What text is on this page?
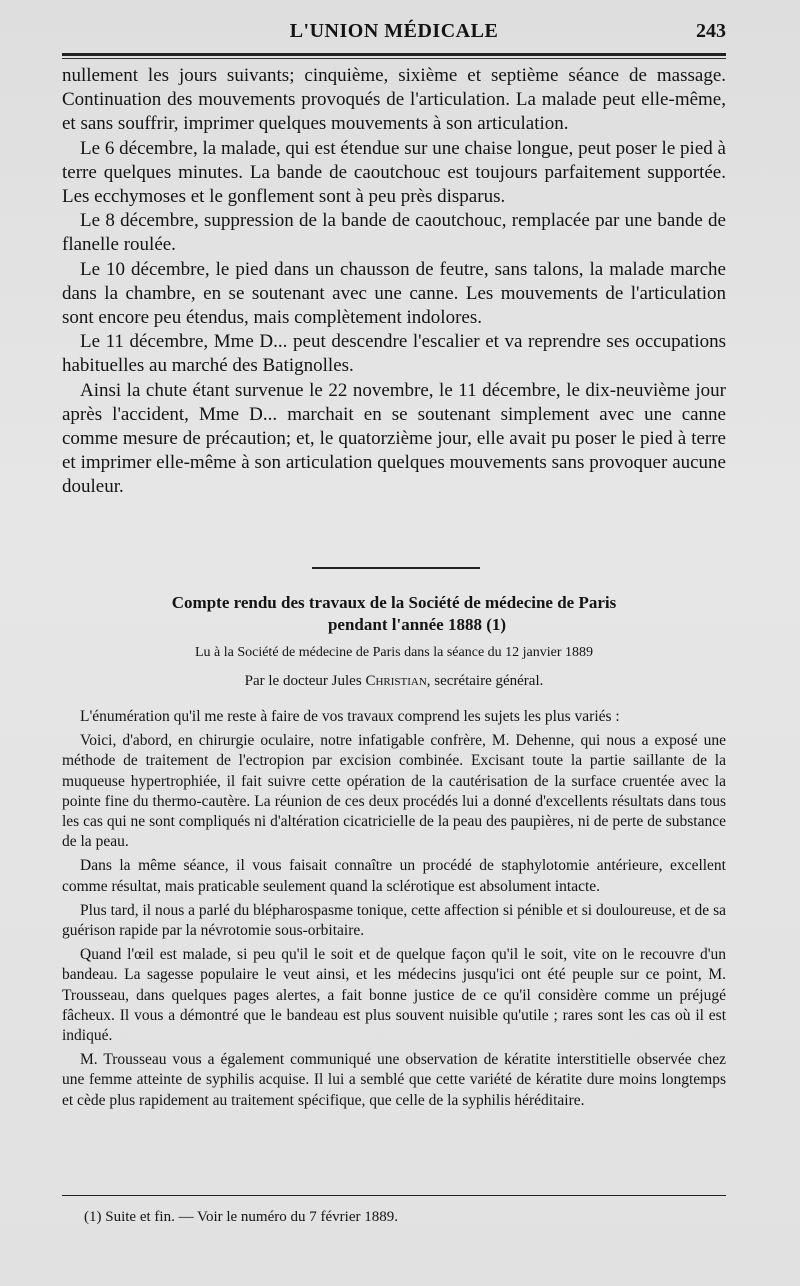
L'UNION MÉDICALE	243

nullement les jours suivants; cinquième, sixième et septième séance de massage. Continuation des mouvements provoqués de l'articulation. La malade peut elle-même, et sans souffrir, imprimer quelques mouvements à son articulation.

Le 6 décembre, la malade, qui est étendue sur une chaise longue, peut poser le pied à terre quelques minutes. La bande de caoutchouc est toujours parfaitement supportée. Les ecchymoses et le gonflement sont à peu près disparus.

Le 8 décembre, suppression de la bande de caoutchouc, remplacée par une bande de flanelle roulée.

Le 10 décembre, le pied dans un chausson de feutre, sans talons, la malade marche dans la chambre, en se soutenant avec une canne. Les mouvements de l'articulation sont encore peu étendus, mais complètement indolores.

Le 11 décembre, Mme D... peut descendre l'escalier et va reprendre ses occupations habituelles au marché des Batignolles.

Ainsi la chute étant survenue le 22 novembre, le 11 décembre, le dix-neuvième jour après l'accident, Mme D... marchait en se soutenant simplement avec une canne comme mesure de précaution; et, le quatorzième jour, elle avait pu poser le pied à terre et imprimer elle-même à son articulation quelques mouvements sans provoquer aucune douleur.

Compte rendu des travaux de la Société de médecine de Paris
pendant l'année 1888 (1)
Lu à la Société de médecine de Paris dans la séance du 12 janvier 1889
Par le docteur Jules Christian, secrétaire général.

L'énumération qu'il me reste à faire de vos travaux comprend les sujets les plus variés :

Voici, d'abord, en chirurgie oculaire, notre infatigable confrère, M. Dehenne, qui nous a exposé une méthode de traitement de l'ectropion par excision combinée. Excisant toute la partie saillante de la muqueuse hypertrophiée, il fait suivre cette opération de la cautérisation de la surface cruentée avec la pointe fine du thermo-cautère. La réunion de ces deux procédés lui a donné d'excellents résultats dans tous les cas qui ne sont compliqués ni d'altération cicatricielle de la peau des paupières, ni de perte de substance de la peau.

Dans la même séance, il vous faisait connaître un procédé de staphylotomie antérieure, excellent comme résultat, mais praticable seulement quand la sclérotique est absolument intacte.

Plus tard, il nous a parlé du blépharospasme tonique, cette affection si pénible et si douloureuse, et de sa guérison rapide par la névrotomie sous-orbitaire.

Quand l'œil est malade, si peu qu'il le soit et de quelque façon qu'il le soit, vite on le recouvre d'un bandeau. La sagesse populaire le veut ainsi, et les médecins jusqu'ici ont été peuple sur ce point, M. Trousseau, dans quelques pages alertes, a fait bonne justice de ce qu'il considère comme un préjugé fâcheux. Il vous a démontré que le bandeau est plus souvent nuisible qu'utile ; rares sont les cas où il est indiqué.

M. Trousseau vous a également communiqué une observation de kératite interstitielle observée chez une femme atteinte de syphilis acquise. Il lui a semblé que cette variété de kératite dure moins longtemps et cède plus rapidement au traitement spécifique, que celle de la syphilis héréditaire.

(1) Suite et fin. — Voir le numéro du 7 février 1889.
